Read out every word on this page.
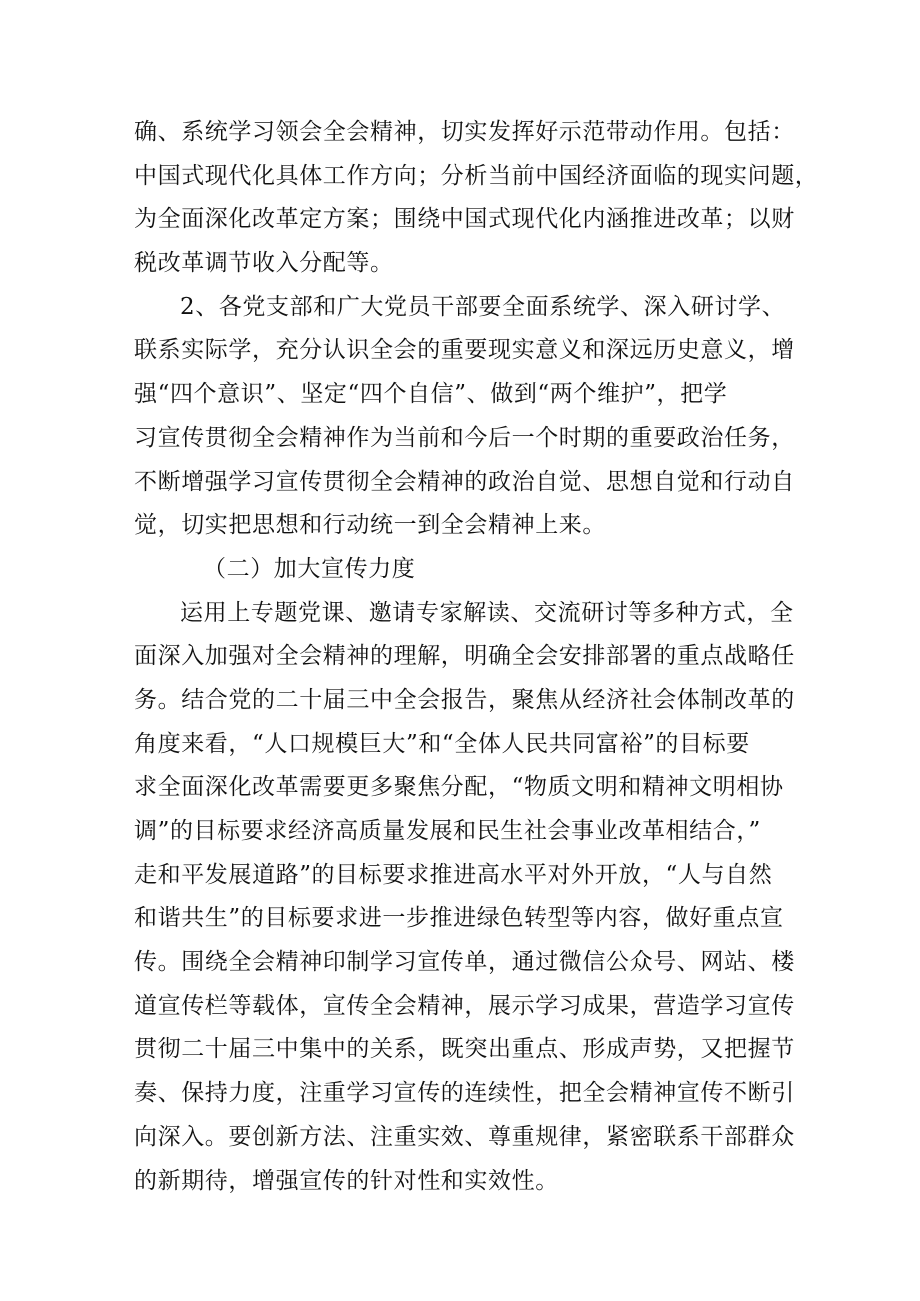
确、系统学习领会全会精神，切实发挥好示范带动作用。包括：
中国式现代化具体工作方向；分析当前中国经济面临的现实问题，
为全面深化改革定方案；围绕中国式现代化内涵推进改革；以财
税改革调节收入分配等。
2、各党支部和广大党员干部要全面系统学、深入研讨学、
联系实际学，充分认识全会的重要现实意义和深远历史意义，增
强“四个意识”、坚定“四个自信”、做到“两个维护”，把学
习宣传贯彻全会精神作为当前和今后一个时期的重要政治任务，
不断增强学习宣传贯彻全会精神的政治自觉、思想自觉和行动自
觉，切实把思想和行动统一到全会精神上来。
（二）加大宣传力度
运用上专题党课、邀请专家解读、交流研讨等多种方式，全
面深入加强对全会精神的理解，明确全会安排部署的重点战略任
务。结合党的二十届三中全会报告，聚焦从经济社会体制改革的
角度来看，“人口规模巨大”和“全体人民共同富裕”的目标要
求全面深化改革需要更多聚焦分配，“物质文明和精神文明相协
调”的目标要求经济高质量发展和民生社会事业改革相结合，”
走和平发展道路”的目标要求推进高水平对外开放，“人与自然
和谐共生”的目标要求进一步推进绿色转型等内容，做好重点宣
传。围绕全会精神印制学习宣传单，通过微信公众号、网站、楼
道宣传栏等载体，宣传全会精神，展示学习成果，营造学习宣传
贯彻二十届三中集中的关系，既突出重点、形成声势，又把握节
奏、保持力度，注重学习宣传的连续性，把全会精神宣传不断引
向深入。要创新方法、注重实效、尊重规律，紧密联系干部群众
的新期待，增强宣传的针对性和实效性。
